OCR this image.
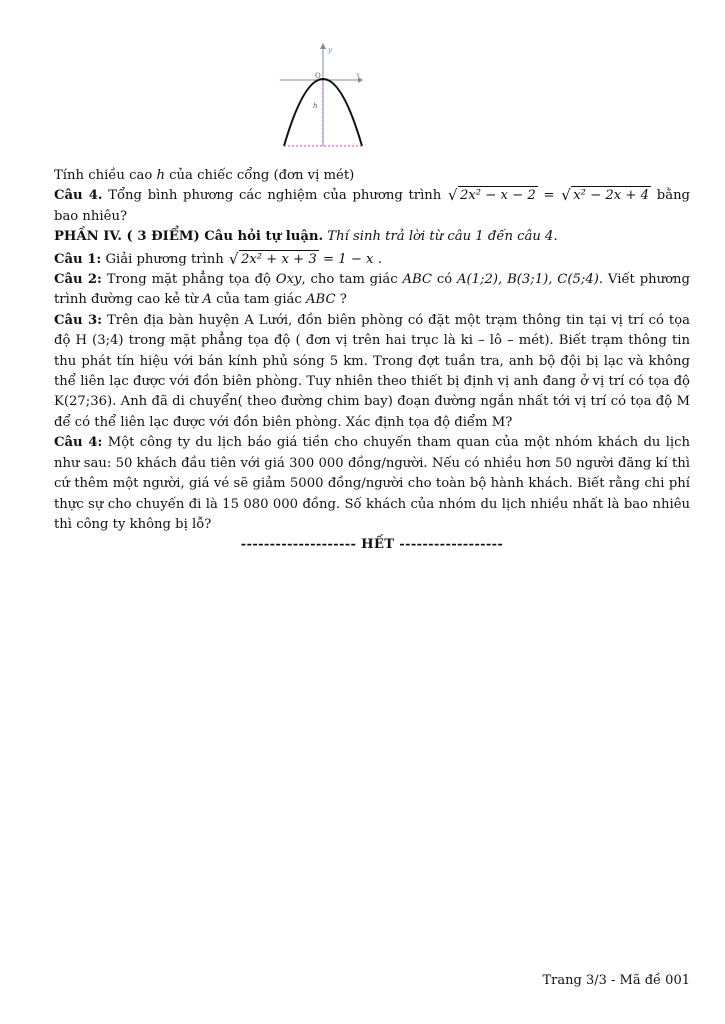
y
x
O
h

Tính chiều cao h của chiếc cổng (đơn vị mét)

Câu 4. Tổng bình phương các nghiệm của phương trình √ 2x² − x − 2 = √ x² − 2x + 4 bằng bao nhiêu?

PHẦN IV. ( 3 ĐIỂM) Câu hỏi tự luận. Thí sinh trả lời từ câu 1 đến câu 4.

Câu 1: Giải phương trình √ 2x² + x + 3 = 1 − x .

Câu 2: Trong mặt phẳng tọa độ Oxy, cho tam giác ABC có A(1;2), B(3;1), C(5;4). Viết phương trình đường cao kẻ từ A của tam giác ABC ?

Câu 3: Trên địa bàn huyện A Lưới, đồn biên phòng có đặt một trạm thông tin tại vị trí có tọa độ H (3;4) trong mặt phẳng tọa độ ( đơn vị trên hai trục là ki – lô – mét). Biết trạm thông tin thu phát tín hiệu với bán kính phủ sóng 5 km. Trong đợt tuần tra, anh bộ đội bị lạc và không thể liên lạc được với đồn biên phòng. Tuy nhiên theo thiết bị định vị anh đang ở vị trí có tọa độ K(27;36). Anh đã di chuyển( theo đường chim bay) đoạn đường ngắn nhất tới vị trí có tọa độ M để có thể liên lạc được với đồn biên phòng. Xác định tọa độ điểm M?

Câu 4: Một công ty du lịch báo giá tiền cho chuyến tham quan của một nhóm khách du lịch như sau: 50 khách đầu tiên với giá 300 000 đồng/người. Nếu có nhiều hơn 50 người đăng kí thì cứ thêm một người, giá vé sẽ giảm 5000 đồng/người cho toàn bộ hành khách. Biết rằng chi phí thực sự cho chuyến đi là 15 080 000 đồng. Số khách của nhóm du lịch nhiều nhất là bao nhiêu thì công ty không bị lỗ?

-------------------- HẾT ------------------

Trang 3/3 - Mã đề 001
